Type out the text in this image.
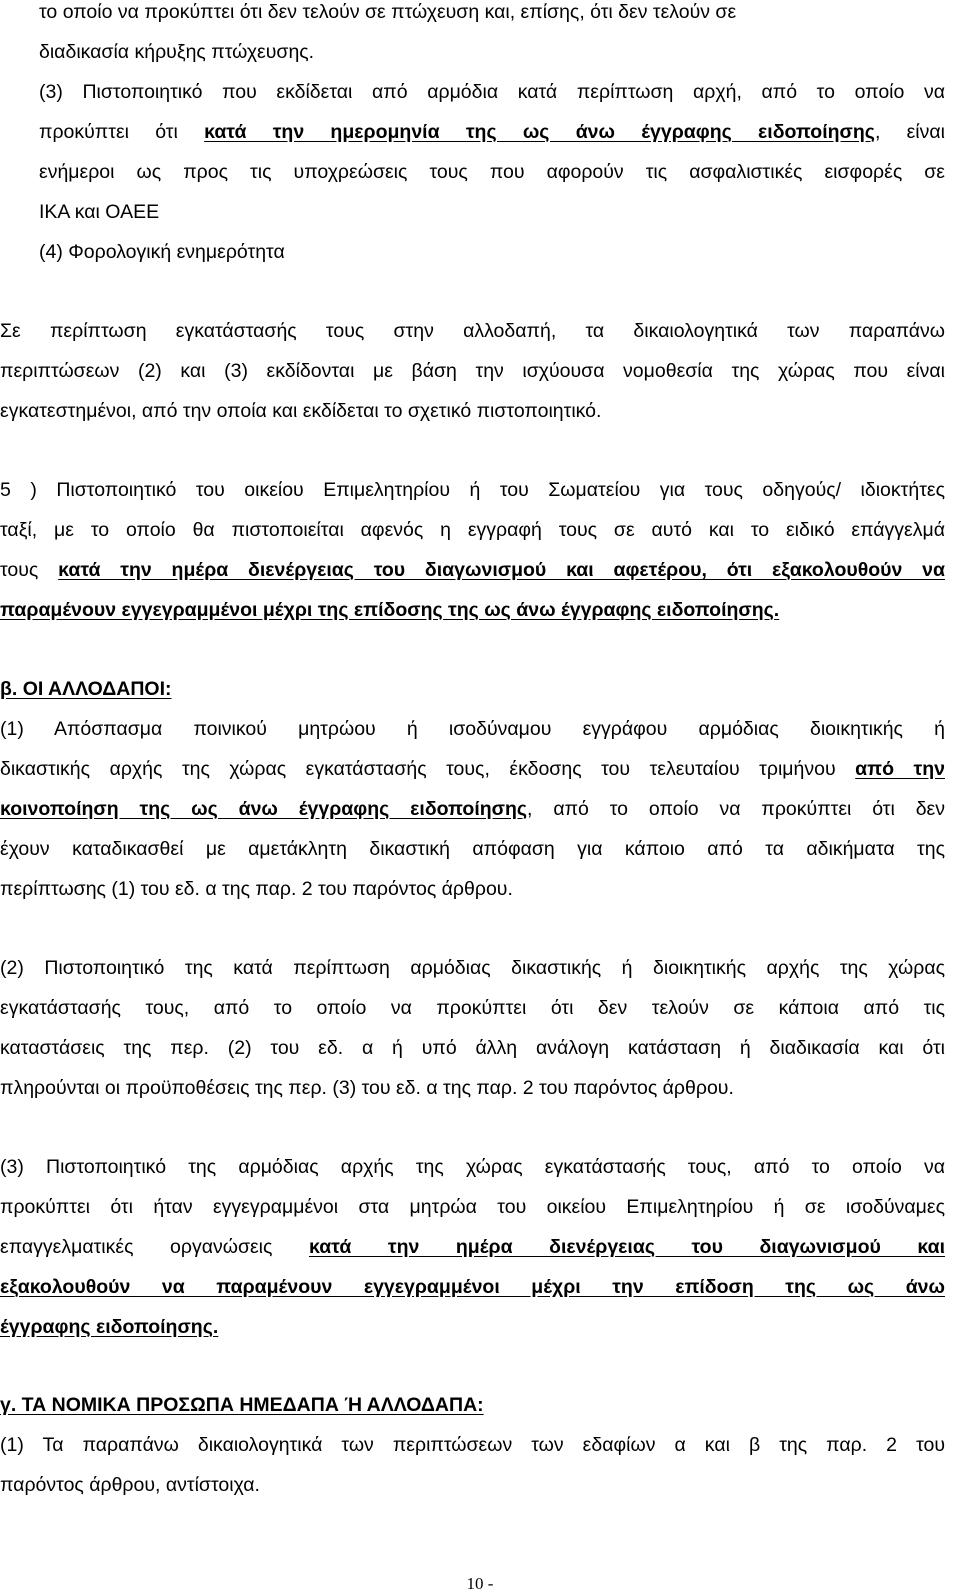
το οποίο να προκύπτει ότι δεν τελούν σε πτώχευση και, επίσης, ότι δεν τελούν σε
διαδικασία κήρυξης πτώχευσης.
(3) Πιστοποιητικό που εκδίδεται από αρμόδια κατά περίπτωση αρχή, από το οποίο να
προκύπτει ότι κατά την ημερομηνία της ως άνω έγγραφης ειδοποίησης, είναι
ενήμεροι ως προς τις υποχρεώσεις τους που αφορούν τις ασφαλιστικές εισφορές σε
ΙΚΑ και ΟΑΕΕ
(4) Φορολογική ενημερότητα
Σε περίπτωση εγκατάστασής τους στην αλλοδαπή, τα δικαιολογητικά των παραπάνω
περιπτώσεων (2) και (3) εκδίδονται με βάση την ισχύουσα νομοθεσία της χώρας που είναι
εγκατεστημένοι, από την οποία και εκδίδεται το σχετικό πιστοποιητικό.
5 ) Πιστοποιητικό του οικείου Επιμελητηρίου ή του Σωματείου για τους οδηγούς/ ιδιοκτήτες
ταξί, με το οποίο θα πιστοποιείται αφενός η εγγραφή τους σε αυτό και το ειδικό επάγγελμά
τους κατά την ημέρα διενέργειας του διαγωνισμού και αφετέρου, ότι εξακολουθούν να
παραμένουν εγγεγραμμένοι μέχρι της επίδοσης της ως άνω έγγραφης ειδοποίησης.
β. ΟΙ ΑΛΛΟΔΑΠΟΙ:
(1) Απόσπασμα ποινικού μητρώου ή ισοδύναμου εγγράφου αρμόδιας διοικητικής ή
δικαστικής αρχής της χώρας εγκατάστασής τους, έκδοσης του τελευταίου τριμήνου από την
κοινοποίηση της ως άνω έγγραφης ειδοποίησης, από το οποίο να προκύπτει ότι δεν
έχουν καταδικασθεί με αμετάκλητη δικαστική απόφαση για κάποιο από τα αδικήματα της
περίπτωσης (1) του εδ. α της παρ. 2 του παρόντος άρθρου.
(2) Πιστοποιητικό της κατά περίπτωση αρμόδιας δικαστικής ή διοικητικής αρχής της χώρας
εγκατάστασής τους, από το οποίο να προκύπτει ότι δεν τελούν σε κάποια από τις
καταστάσεις της περ. (2) του εδ. α ή υπό άλλη ανάλογη κατάσταση ή διαδικασία και ότι
πληρούνται οι προϋποθέσεις της περ. (3) του εδ. α της παρ. 2 του παρόντος άρθρου.
(3) Πιστοποιητικό της αρμόδιας αρχής της χώρας εγκατάστασής τους, από το οποίο να
προκύπτει ότι ήταν εγγεγραμμένοι στα μητρώα του οικείου Επιμελητηρίου ή σε ισοδύναμες
επαγγελματικές οργανώσεις κατά την ημέρα διενέργειας του διαγωνισμού και
εξακολουθούν να παραμένουν εγγεγραμμένοι μέχρι την επίδοση της ως άνω
έγγραφης ειδοποίησης.
γ. ΤΑ ΝΟΜΙΚΑ ΠΡΟΣΩΠΑ ΗΜΕΔΑΠΑ Ή ΑΛΛΟΔΑΠΑ:
(1) Τα παραπάνω δικαιολογητικά των περιπτώσεων των εδαφίων α και β της παρ. 2 του
παρόντος άρθρου, αντίστοιχα.
10 -
